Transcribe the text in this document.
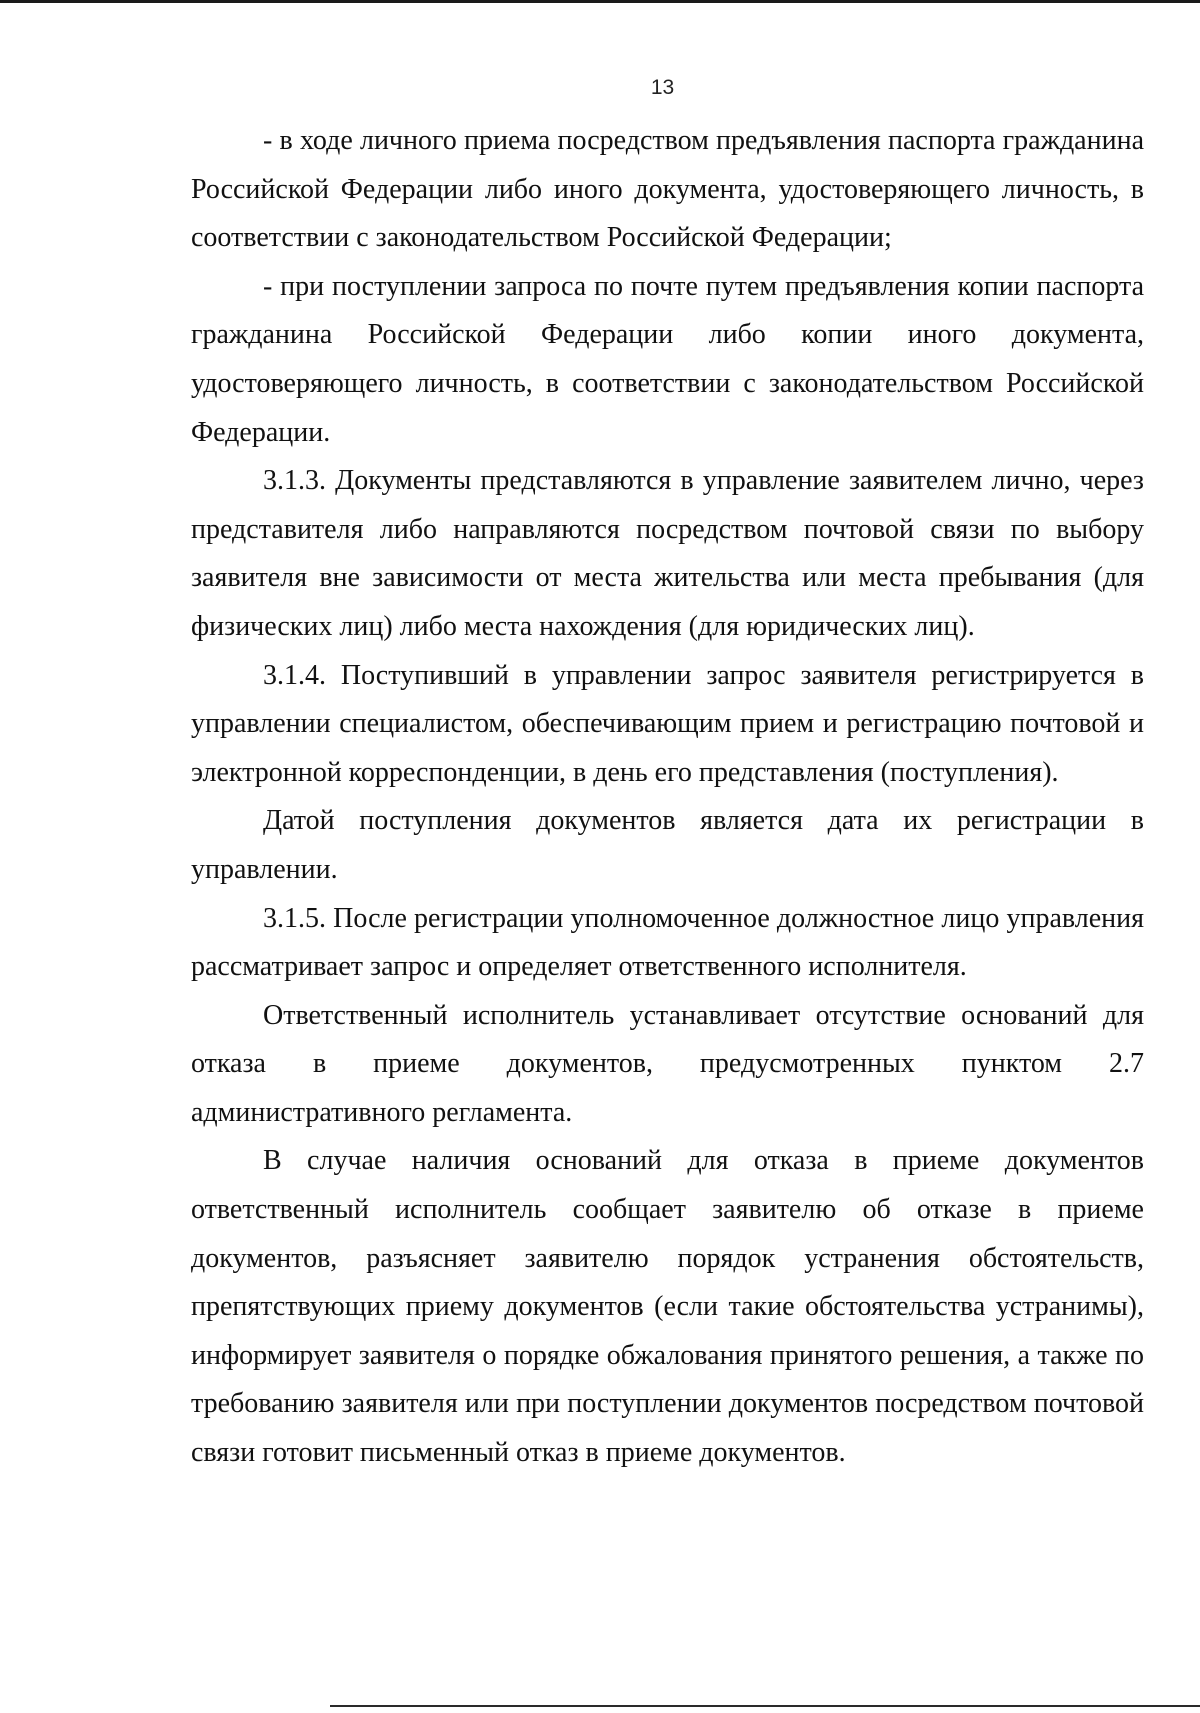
13

- в ходе личного приема посредством предъявления паспорта гражданина Российской Федерации либо иного документа, удостоверяющего личность, в соответствии с законодательством Российской Федерации;

- при поступлении запроса по почте путем предъявления копии паспорта гражданина Российской Федерации либо копии иного документа, удостоверяющего личность, в соответствии с законодательством Российской Федерации.

3.1.3. Документы представляются в управление заявителем лично, через представителя либо направляются посредством почтовой связи по выбору заявителя вне зависимости от места жительства или места пребывания (для физических лиц) либо места нахождения (для юридических лиц).

3.1.4. Поступивший в управлении запрос заявителя регистрируется в управлении специалистом, обеспечивающим прием и регистрацию почтовой и электронной корреспонденции, в день его представления (поступления).

Датой поступления документов является дата их регистрации в управлении.

3.1.5. После регистрации уполномоченное должностное лицо управления рассматривает запрос и определяет ответственного исполнителя.

Ответственный исполнитель устанавливает отсутствие оснований для отказа в приеме документов, предусмотренных пунктом 2.7 административного регламента.

В случае наличия оснований для отказа в приеме документов ответственный исполнитель сообщает заявителю об отказе в приеме документов, разъясняет заявителю порядок устранения обстоятельств, препятствующих приему документов (если такие обстоятельства устранимы), информирует заявителя о порядке обжалования принятого решения, а также по требованию заявителя или при поступлении документов посредством почтовой связи готовит письменный отказ в приеме документов.
